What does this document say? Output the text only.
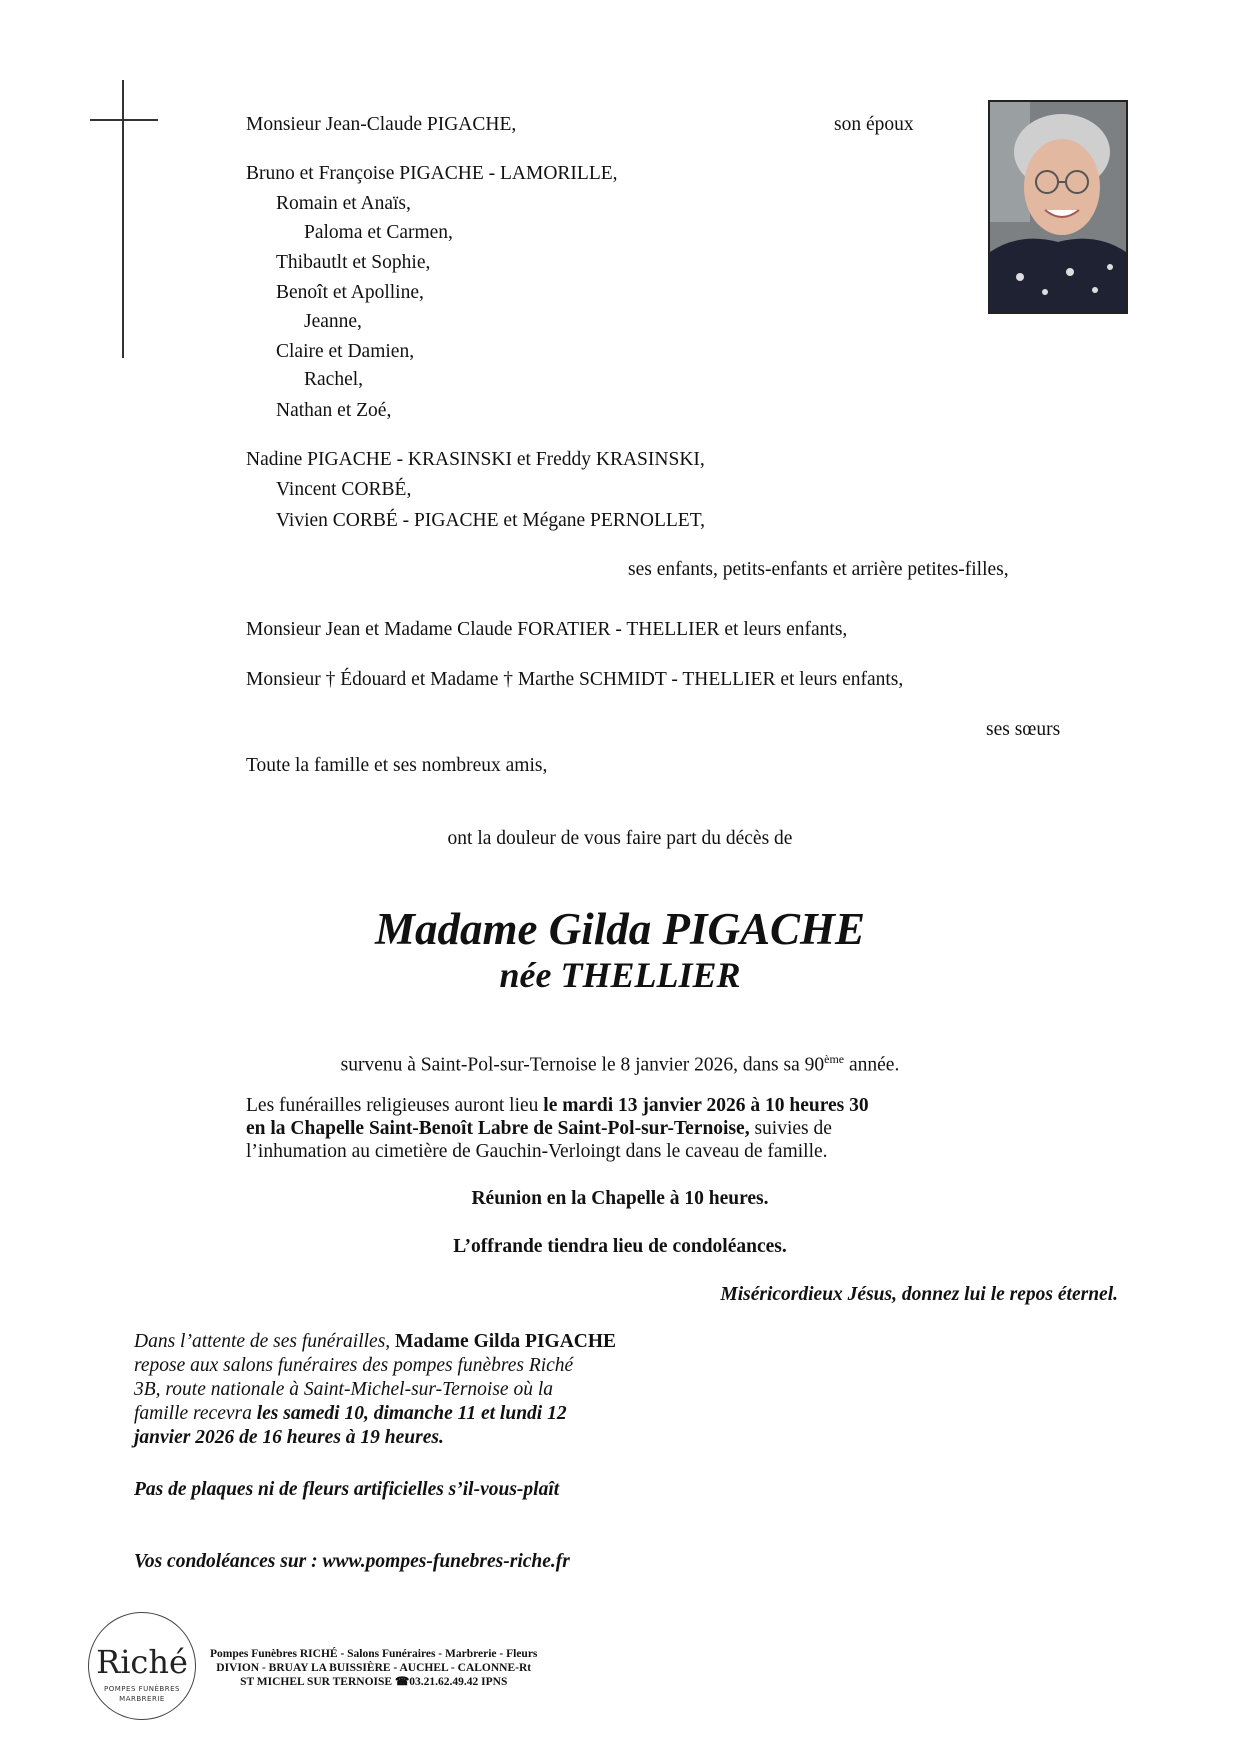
Monsieur Jean-Claude PIGACHE,	son époux
Bruno et Françoise PIGACHE - LAMORILLE,
Romain et Anaïs,
Paloma et Carmen,
Thibautlt et Sophie,
Benoît et Apolline,
Jeanne,
Claire et Damien,
Rachel,
Nathan et Zoé,
Nadine PIGACHE - KRASINSKI et Freddy KRASINSKI,
Vincent CORBÉ,
Vivien CORBÉ - PIGACHE et Mégane PERNOLLET,
ses enfants, petits-enfants et arrière petites-filles,
Monsieur Jean et Madame Claude FORATIER - THELLIER et leurs enfants,
Monsieur † Édouard et Madame † Marthe SCHMIDT - THELLIER et leurs enfants,
ses sœurs
Toute la famille et ses nombreux amis,
ont la douleur de vous faire part du décès de
Madame Gilda PIGACHE
née THELLIER
survenu à Saint-Pol-sur-Ternoise le 8 janvier 2026, dans sa 90ème année.
Les funérailles religieuses auront lieu le mardi 13 janvier 2026 à 10 heures 30
en la Chapelle Saint-Benoît Labre de Saint-Pol-sur-Ternoise, suivies de
l’inhumation au cimetière de Gauchin-Verloingt dans le caveau de famille.
Réunion en la Chapelle à 10 heures.
L’offrande tiendra lieu de condoléances.
Miséricordieux Jésus, donnez lui le repos éternel.
Dans l’attente de ses funérailles, Madame Gilda PIGACHE
repose aux salons funéraires des pompes funèbres Riché
3B, route nationale à Saint-Michel-sur-Ternoise où la
famille recevra les samedi 10, dimanche 11 et lundi 12
janvier 2026 de 16 heures à 19 heures.
Pas de plaques ni de fleurs artificielles s’il-vous-plaît
Vos condoléances sur : www.pompes-funebres-riche.fr
Riché
POMPES FUNÈBRES
MARBRERIE
Pompes Funèbres RICHÉ - Salons Funéraires - Marbrerie - Fleurs
DIVION - BRUAY LA BUISSIÈRE - AUCHEL - CALONNE-Rt
ST MICHEL SUR TERNOISE ☎03.21.62.49.42 IPNS
